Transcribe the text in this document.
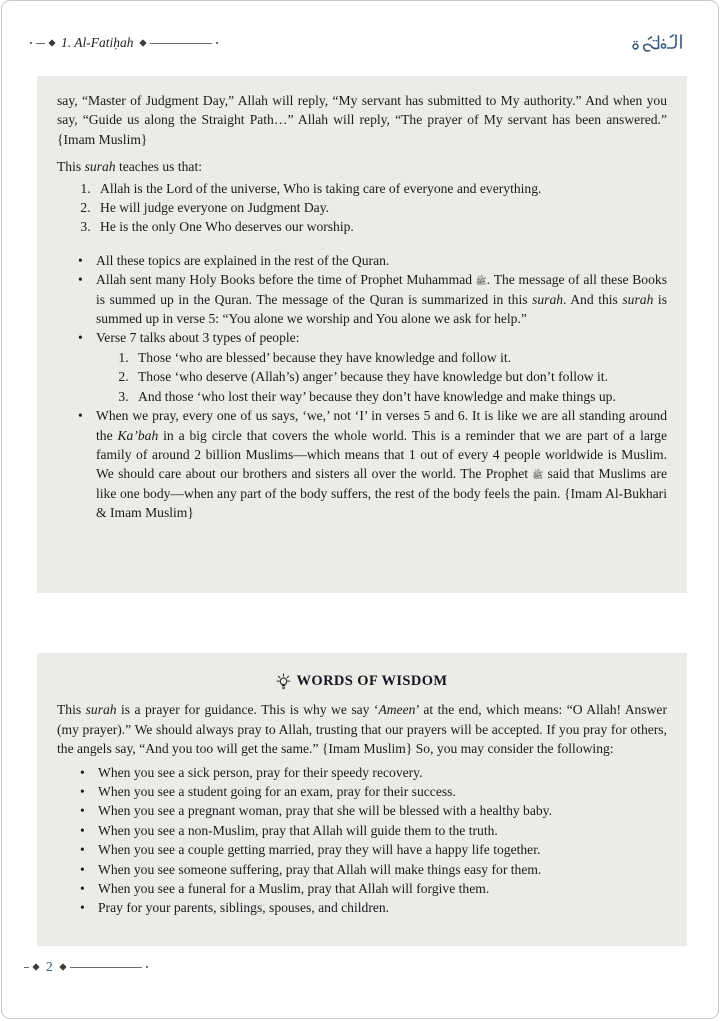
1. Al-Fatiḥah

say, “Master of Judgment Day,” Allah will reply, “My servant has submitted to My authority.” And when you say, “Guide us along the Straight Path…” Allah will reply, “The prayer of My servant has been answered.” {Imam Muslim}

This surah teaches us that:

1. Allah is the Lord of the universe, Who is taking care of everyone and everything.
2. He will judge everyone on Judgment Day.
3. He is the only One Who deserves our worship.
• All these topics are explained in the rest of the Quran.
• Allah sent many Holy Books before the time of Prophet Muhammad ﷺ. The message of all these Books is summed up in the Quran. The message of the Quran is summarized in this surah. And this surah is summed up in verse 5: “You alone we worship and You alone we ask for help.”
• Verse 7 talks about 3 types of people:
1. Those ‘who are blessed’ because they have knowledge and follow it.
2. Those ‘who deserve (Allah’s) anger’ because they have knowledge but don’t follow it.
3. And those ‘who lost their way’ because they don’t have knowledge and make things up.
• When we pray, every one of us says, ‘we,’ not ‘I’ in verses 5 and 6. It is like we are all standing around the Ka’bah in a big circle that covers the whole world. This is a reminder that we are part of a large family of around 2 billion Muslims—which means that 1 out of every 4 people worldwide is Muslim. We should care about our brothers and sisters all over the world. The Prophet ﷺ said that Muslims are like one body—when any part of the body suffers, the rest of the body feels the pain. {Imam Al-Bukhari & Imam Muslim}
WORDS OF WISDOM

This surah is a prayer for guidance. This is why we say ‘Ameen’ at the end, which means: “O Allah! Answer (my prayer).” We should always pray to Allah, trusting that our prayers will be accepted. If you pray for others, the angels say, “And you too will get the same.” {Imam Muslim} So, you may consider the following:

• When you see a sick person, pray for their speedy recovery.
• When you see a student going for an exam, pray for their success.
• When you see a pregnant woman, pray that she will be blessed with a healthy baby.
• When you see a non-Muslim, pray that Allah will guide them to the truth.
• When you see a couple getting married, pray they will have a happy life together.
• When you see someone suffering, pray that Allah will make things easy for them.
• When you see a funeral for a Muslim, pray that Allah will forgive them.
• Pray for your parents, siblings, spouses, and children.
2
